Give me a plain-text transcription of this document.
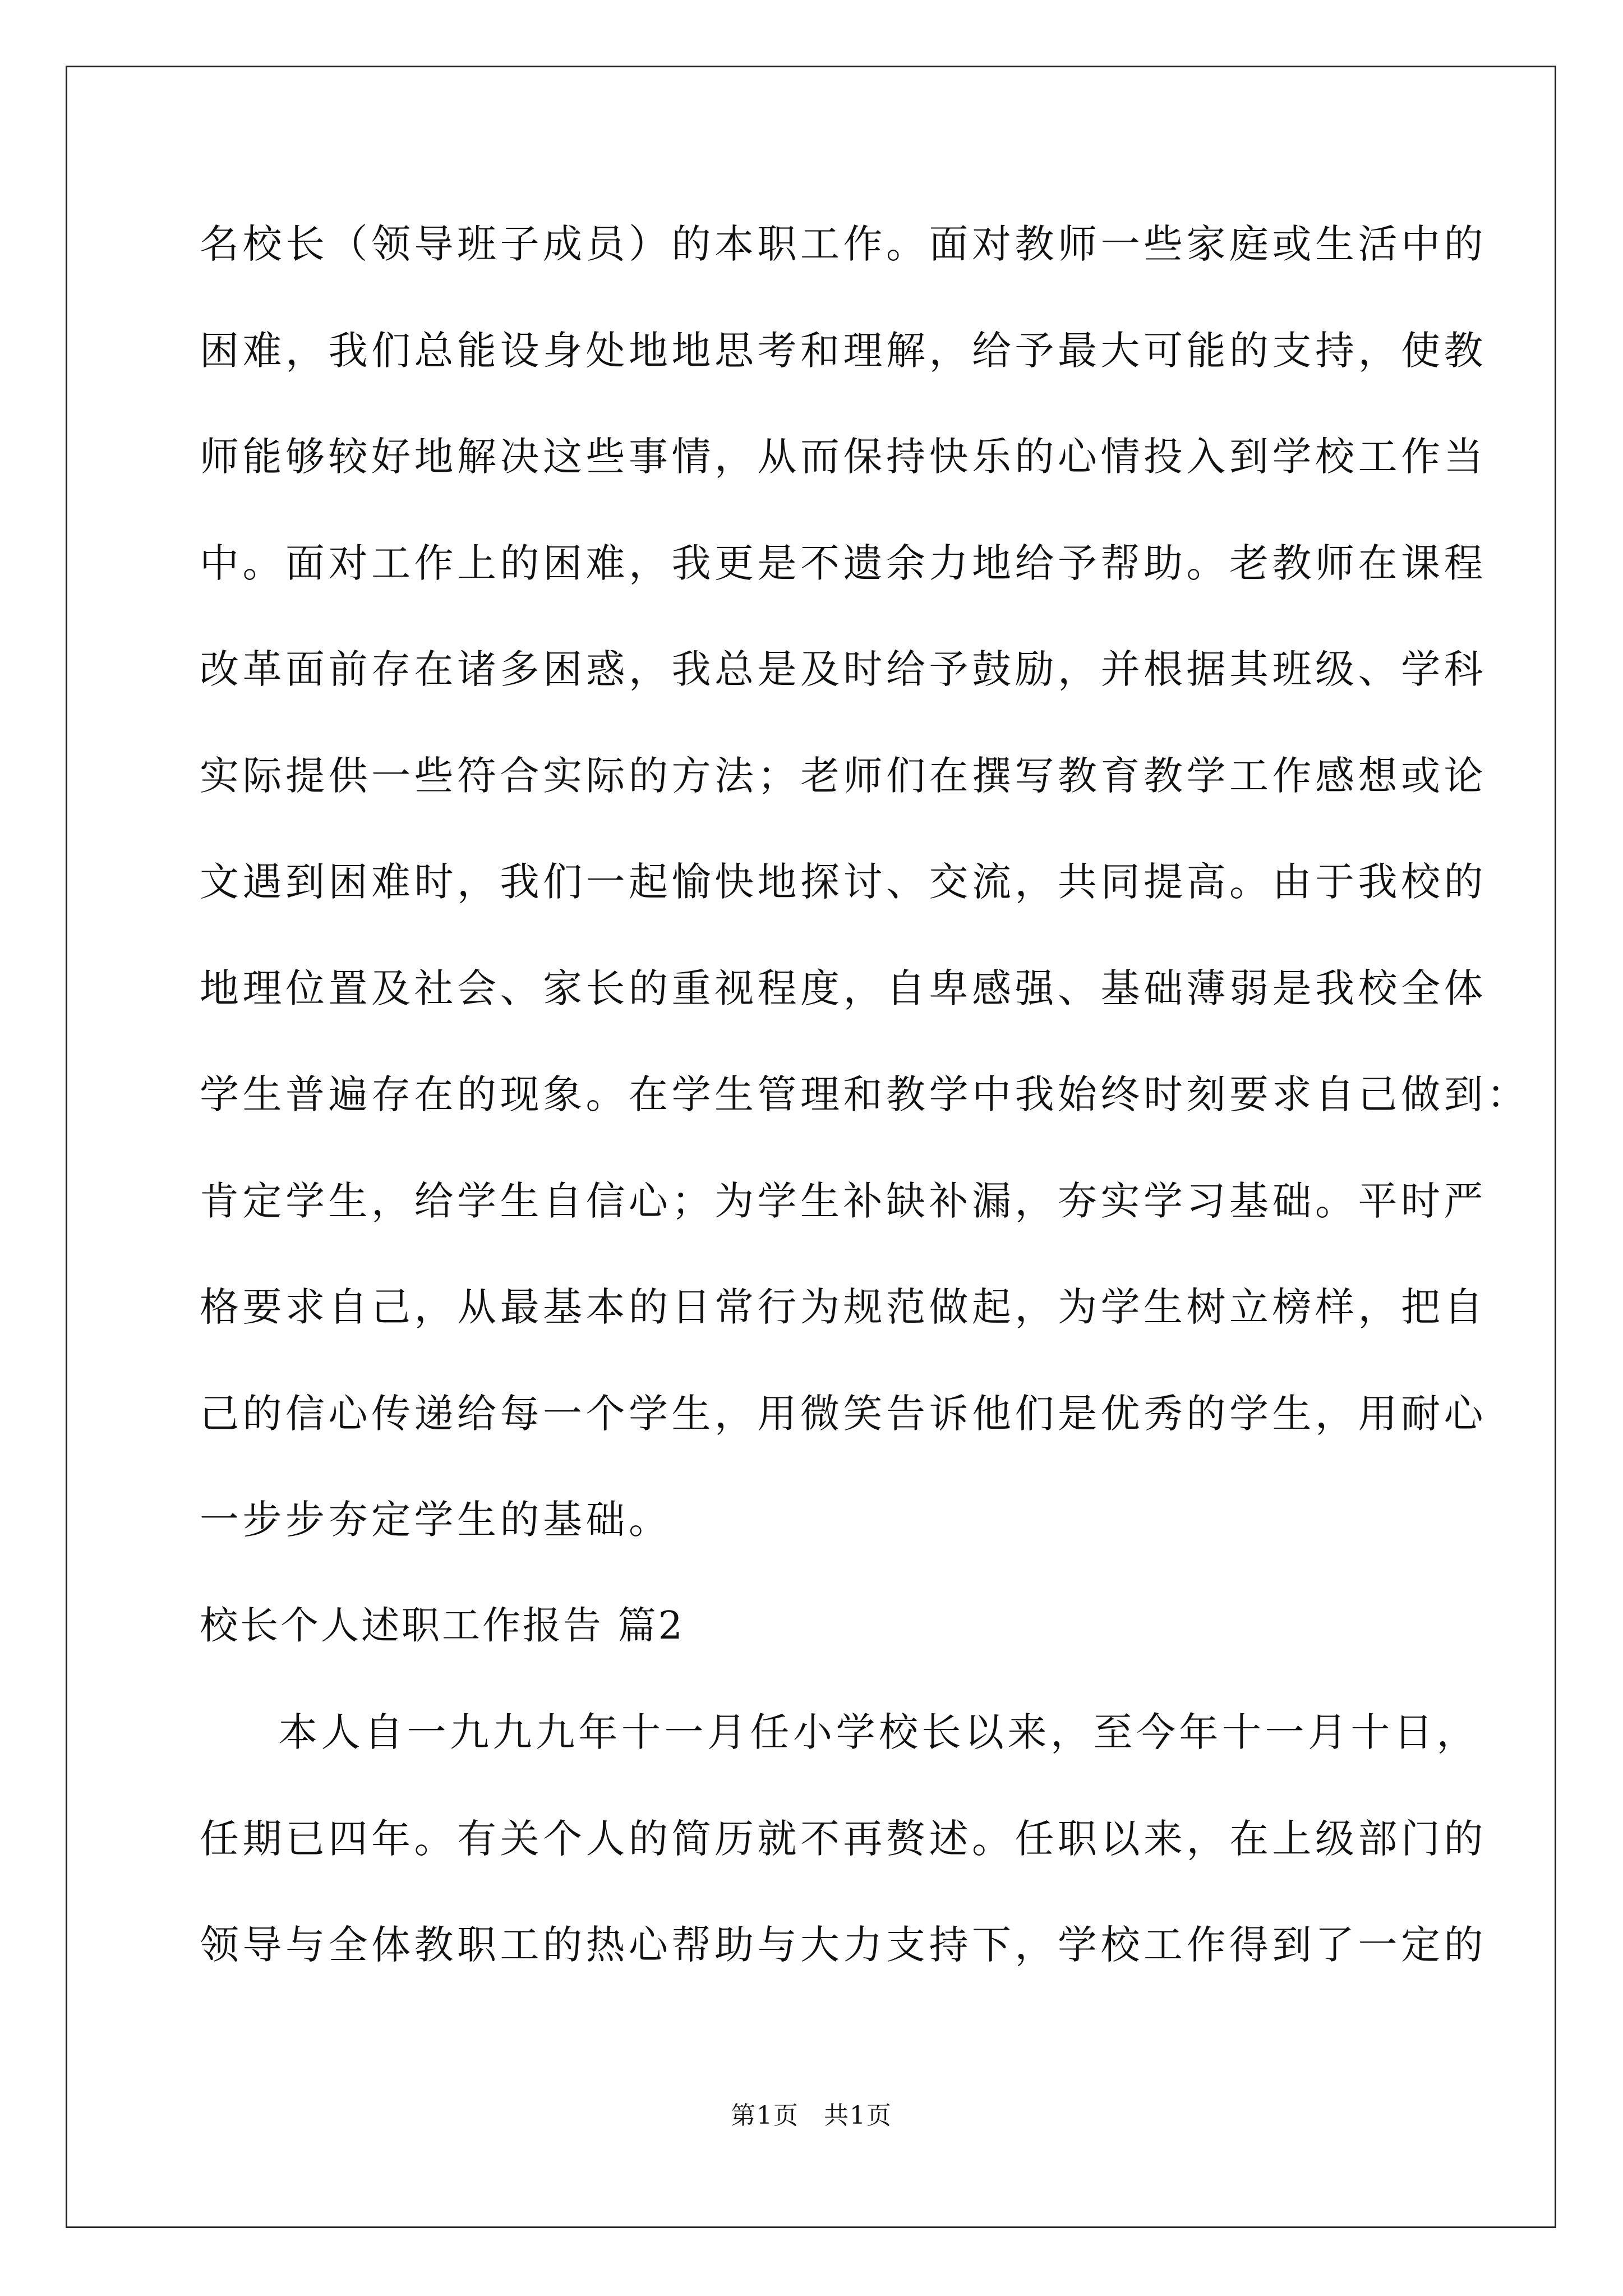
名校长（领导班子成员）的本职工作。面对教师一些家庭或生活中的
困难，我们总能设身处地地思考和理解，给予最大可能的支持，使教
师能够较好地解决这些事情，从而保持快乐的心情投入到学校工作当
中。面对工作上的困难，我更是不遗余力地给予帮助。老教师在课程
改革面前存在诸多困惑，我总是及时给予鼓励，并根据其班级、学科
实际提供一些符合实际的方法；老师们在撰写教育教学工作感想或论
文遇到困难时，我们一起愉快地探讨、交流，共同提高。由于我校的
地理位置及社会、家长的重视程度，自卑感强、基础薄弱是我校全体
学生普遍存在的现象。在学生管理和教学中我始终时刻要求自己做到：
肯定学生，给学生自信心；为学生补缺补漏，夯实学习基础。平时严
格要求自己，从最基本的日常行为规范做起，为学生树立榜样，把自
己的信心传递给每一个学生，用微笑告诉他们是优秀的学生，用耐心
一步步夯定学生的基础。
校长个人述职工作报告 篇2
本人自一九九九年十一月任小学校长以来，至今年十一月十日，
任期已四年。有关个人的简历就不再赘述。任职以来，在上级部门的
领导与全体教职工的热心帮助与大力支持下，学校工作得到了一定的
第1页 共1页
